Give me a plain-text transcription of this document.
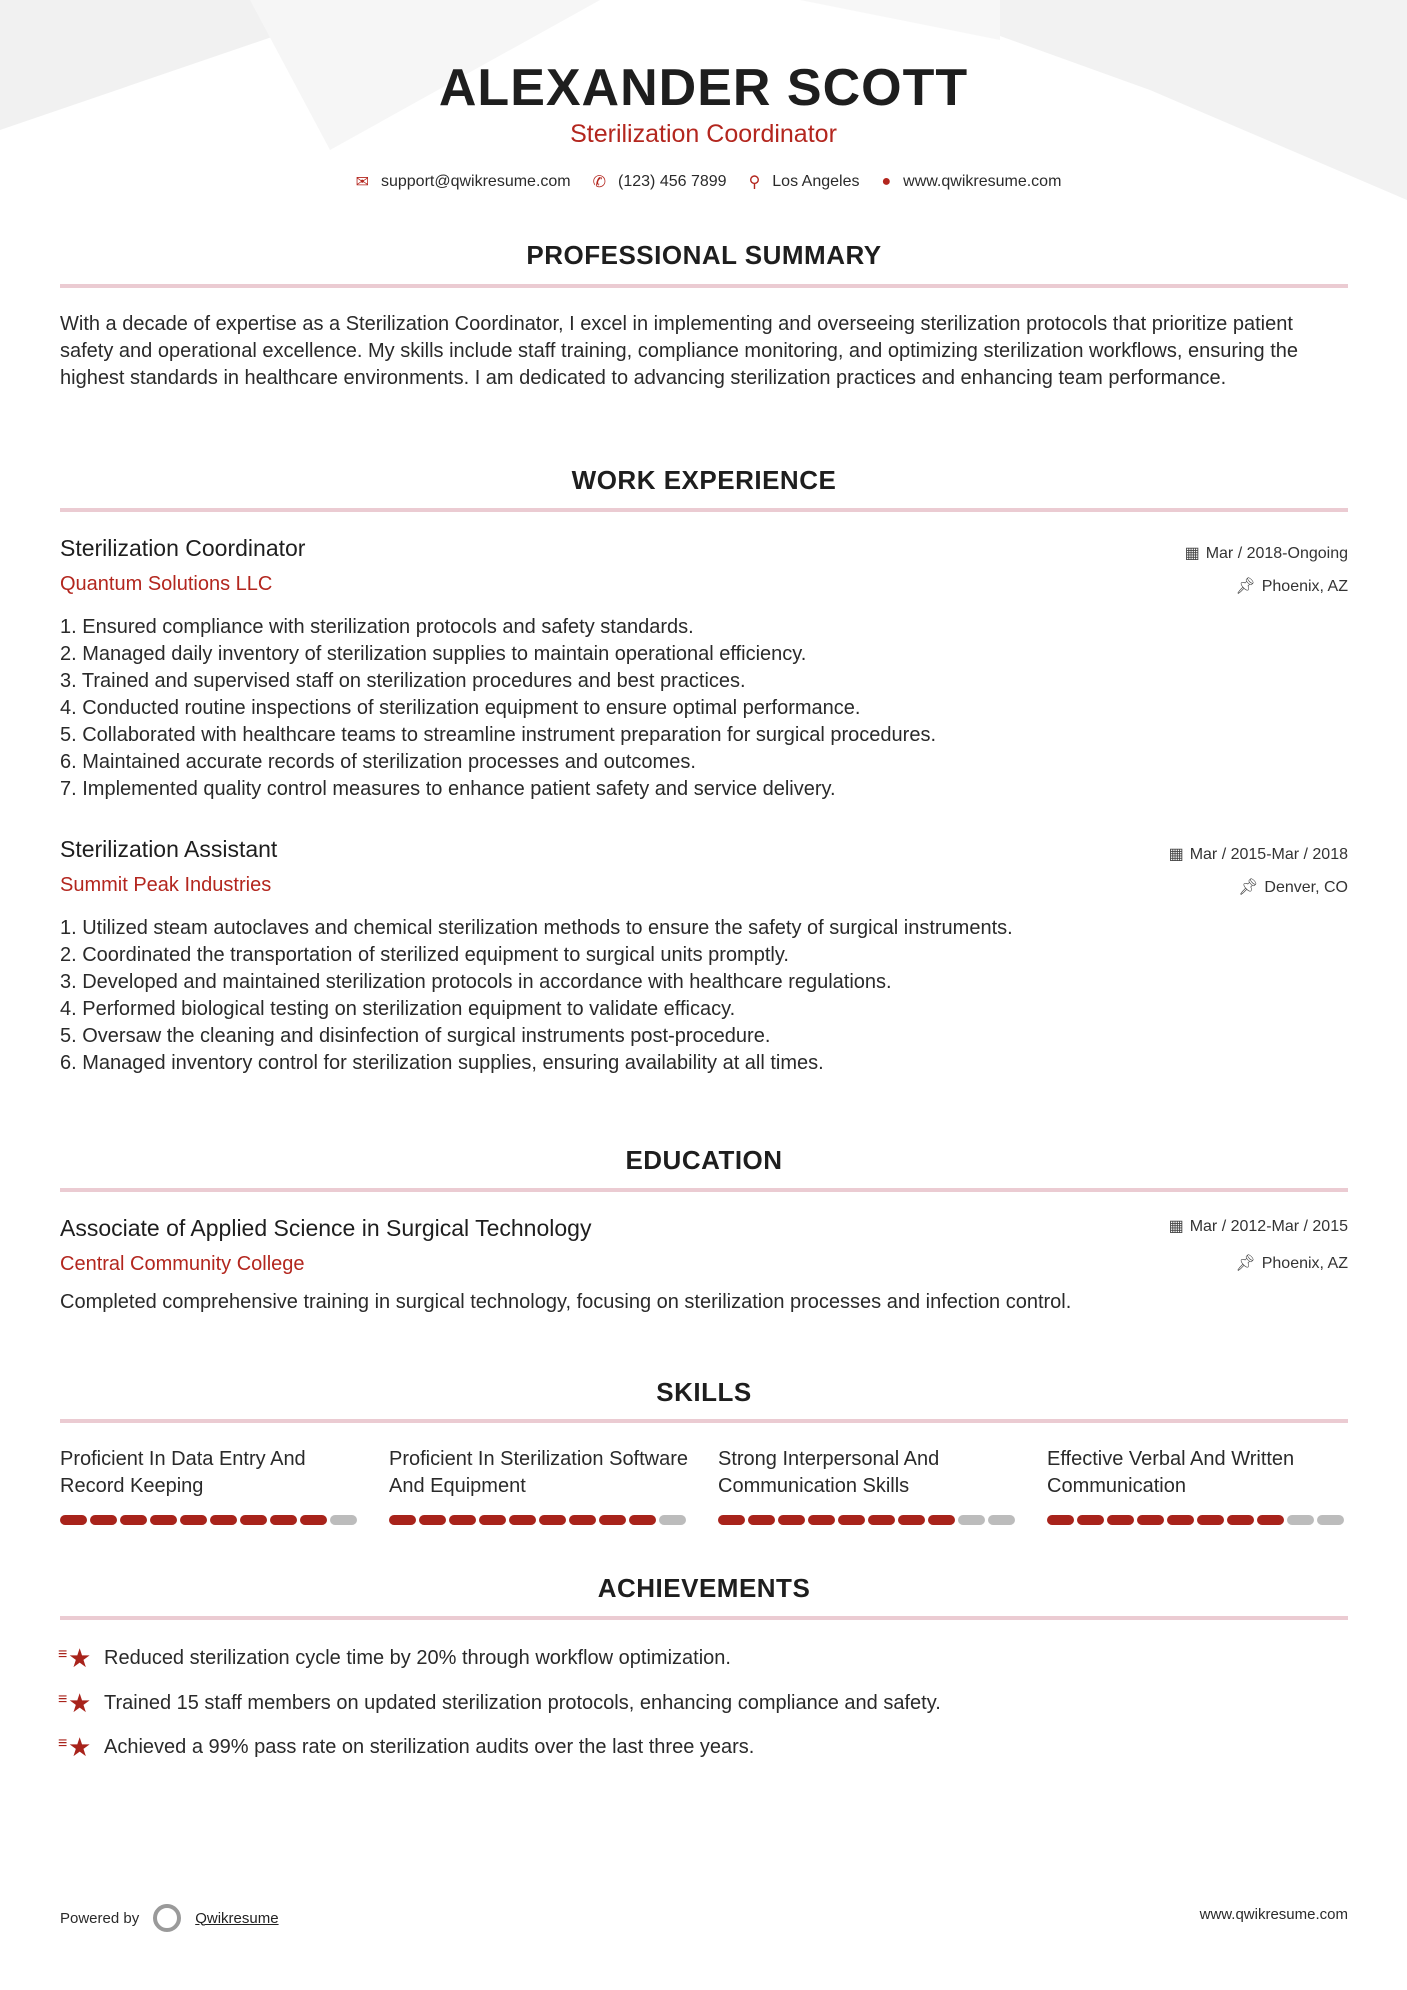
ALEXANDER SCOTT
Sterilization Coordinator
✉ support@qwikresume.com ✆ (123) 456 7899 ⚲ Los Angeles ● www.qwikresume.com
PROFESSIONAL SUMMARY
With a decade of expertise as a Sterilization Coordinator, I excel in implementing and overseeing sterilization protocols that prioritize patient safety and operational excellence. My skills include staff training, compliance monitoring, and optimizing sterilization workflows, ensuring the highest standards in healthcare environments. I am dedicated to advancing sterilization practices and enhancing team performance.
WORK EXPERIENCE
Sterilization Coordinator
Quantum Solutions LLC
▦ Mar / 2018-Ongoing
📌︎ Phoenix, AZ
1. Ensured compliance with sterilization protocols and safety standards.
2. Managed daily inventory of sterilization supplies to maintain operational efficiency.
3. Trained and supervised staff on sterilization procedures and best practices.
4. Conducted routine inspections of sterilization equipment to ensure optimal performance.
5. Collaborated with healthcare teams to streamline instrument preparation for surgical procedures.
6. Maintained accurate records of sterilization processes and outcomes.
7. Implemented quality control measures to enhance patient safety and service delivery.
Sterilization Assistant
Summit Peak Industries
▦ Mar / 2015-Mar / 2018
📌︎ Denver, CO
1. Utilized steam autoclaves and chemical sterilization methods to ensure the safety of surgical instruments.
2. Coordinated the transportation of sterilized equipment to surgical units promptly.
3. Developed and maintained sterilization protocols in accordance with healthcare regulations.
4. Performed biological testing on sterilization equipment to validate efficacy.
5. Oversaw the cleaning and disinfection of surgical instruments post-procedure.
6. Managed inventory control for sterilization supplies, ensuring availability at all times.
EDUCATION
Associate of Applied Science in Surgical Technology
Central Community College
▦ Mar / 2012-Mar / 2015
📌︎ Phoenix, AZ
Completed comprehensive training in surgical technology, focusing on sterilization processes and infection control.
SKILLS
Proficient In Data Entry And Record Keeping
Proficient In Sterilization Software And Equipment
Strong Interpersonal And Communication Skills
Effective Verbal And Written Communication
ACHIEVEMENTS
≡ ★ Reduced sterilization cycle time by 20% through workflow optimization.
≡ ★ Trained 15 staff members on updated sterilization protocols, enhancing compliance and safety.
≡ ★ Achieved a 99% pass rate on sterilization audits over the last three years.
Powered by	Qwikresume	www.qwikresume.com
